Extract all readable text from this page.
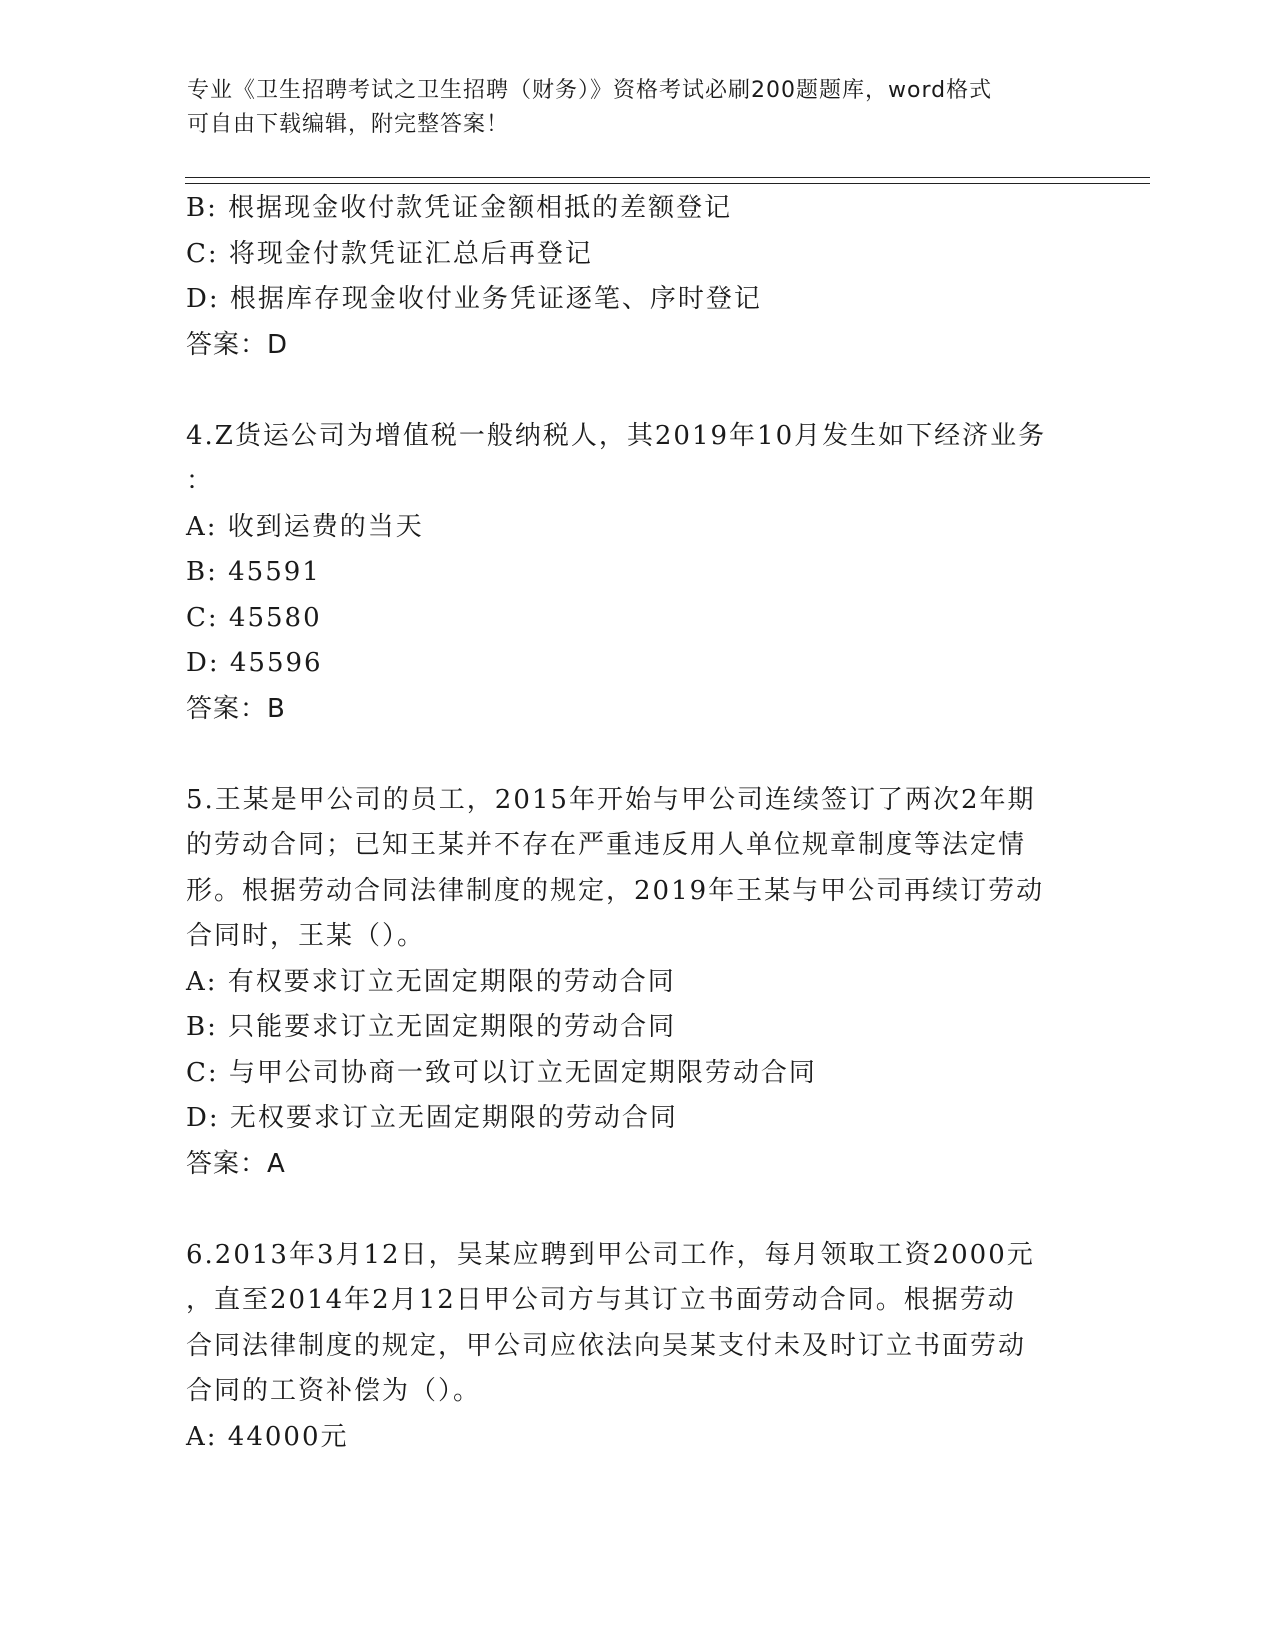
专业《卫生招聘考试之卫生招聘（财务）》资格考试必刷200题题库，word格式
可自由下载编辑，附完整答案！
B: 根据现金收付款凭证金额相抵的差额登记
C: 将现金付款凭证汇总后再登记
D: 根据库存现金收付业务凭证逐笔、序时登记
答案：D
4.Z货运公司为增值税一般纳税人，其2019年10月发生如下经济业务
：
A: 收到运费的当天
B: 45591
C: 45580
D: 45596
答案：B
5.王某是甲公司的员工，2015年开始与甲公司连续签订了两次2年期
的劳动合同；已知王某并不存在严重违反用人单位规章制度等法定情
形。根据劳动合同法律制度的规定，2019年王某与甲公司再续订劳动
合同时，王某（）。
A: 有权要求订立无固定期限的劳动合同
B: 只能要求订立无固定期限的劳动合同
C: 与甲公司协商一致可以订立无固定期限劳动合同
D: 无权要求订立无固定期限的劳动合同
答案：A
6.2013年3月12日，吴某应聘到甲公司工作，每月领取工资2000元
，直至2014年2月12日甲公司方与其订立书面劳动合同。根据劳动
合同法律制度的规定，甲公司应依法向吴某支付未及时订立书面劳动
合同的工资补偿为（）。
A: 44000元
